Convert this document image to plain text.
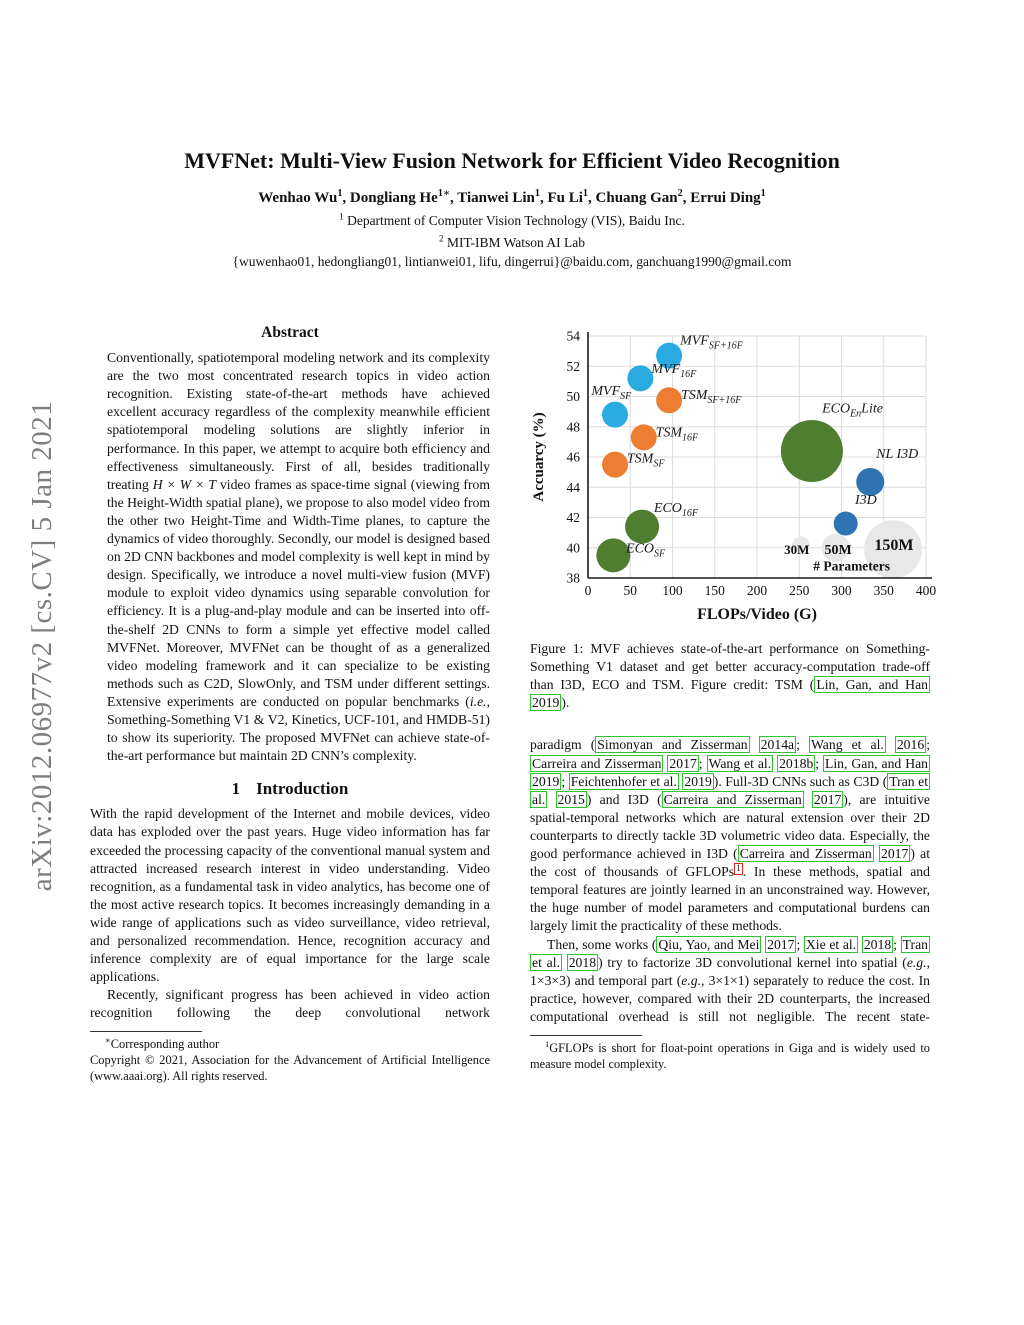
arXiv:2012.06977v2 [cs.CV] 5 Jan 2021
MVFNet: Multi-View Fusion Network for Efficient Video Recognition
Wenhao Wu$^1$, Dongliang $He^{1∗}$, Tianwei Lin$^1$, Fu Li$^1$, Chuang Gan$^2$, Errui Ding$^1$
$^1$ Department of Computer Vision Technology (VIS), Baidu Inc.
$^2$ MIT-IBM Watson AI Lab
{wuwenhao01, hedongliang01, lintianwei01, lifu, dingerrui}@baidu.com, ganchuang1990@gmail.com
Abstract

Conventionally, spatiotemporal modeling network and its complexity are the two most concentrated research topics in video action recognition. Existing state-of-the-art methods have achieved excellent accuracy regardless of the complexity meanwhile efficient spatiotemporal modeling solutions are slightly inferior in performance. In this paper, we attempt to acquire both efficiency and effectiveness simultaneously. First of all, besides traditionally treating H × W × T video frames as space-time signal (viewing from the Height-Width spatial plane), we propose to also model video from the other two Height-Time and Width-Time planes, to capture the dynamics of video thoroughly. Secondly, our model is designed based on 2D CNN backbones and model complexity is well kept in mind by design. Specifically, we introduce a novel multi-view fusion (MVF) module to exploit video dynamics using separable convolution for efficiency. It is a plug-and-play module and can be inserted into off-the-shelf 2D CNNs to form a simple yet effective model called MVFNet. Moreover, MVFNet can be thought of as a generalized video modeling framework and it can specialize to be existing methods such as C2D, SlowOnly, and TSM under different settings. Extensive experiments are conducted on popular benchmarks (i.e., Something-Something V1 & V2, Kinetics, UCF-101, and HMDB-51) to show its superiority. The proposed MVFNet can achieve state-of-the-art performance but maintain 2D CNN’s complexity.

1 Introduction

With the rapid development of the Internet and mobile devices, video data has exploded over the past years. Huge video information has far exceeded the processing capacity of the conventional manual system and attracted increased research interest in video understanding. Video recognition, as a fundamental task in video analytics, has become one of the most active research topics. It becomes increasingly demanding in a wide range of applications such as video surveillance, video retrieval, and personalized recommendation. Hence, recognition accuracy and inference complexity are of equal importance for the large scale applications.

Recently, significant progress has been achieved in video action recognition following the deep convolutional network

∗Corresponding author
Copyright © 2021, Association for the Advancement of Artificial Intelligence (www.aaai.org). All rights reserved.
38
40
42
44
46
48
50
52
54
0 50 100 150 200 250 300 350 400
FLOPs/Video (G)
Accuarcy (%)
$MVF_{SF+16F}$
$MVF_{16F}$
$MVF_{SF}$	$TSM_{SF+16F}$
$TSM_{16F}$
$TSM_{SF}$
$ECO_{En}Lite$
NL I3D
I3D
$ECO_{16F}$
$ECO_{SF}$	30M 50M 150M
# Parameters
Figure 1: MVF achieves state-of-the-art performance on Something-Something V1 dataset and get better accuracy-computation trade-off than I3D, ECO and TSM. Figure credit: TSM ( Lin, Gan, and Han 2019 ).

paradigm ( Simonyan and Zisserman 2014a ; Wang et al. 2016 ; Carreira and Zisserman 2017 ; Wang et al. 2018b ; Lin, Gan, and Han 2019 ; Feichtenhofer et al. 2019 ). Full-3D CNNs such as C3D ( Tran et al. 2015 ) and I3D ( Carreira and Zisserman 2017 ), are intuitive spatial-temporal networks which are natural extension over their 2D counterparts to directly tackle 3D volumetric video data. Especially, the good performance achieved in I3D ( Carreira and Zisserman 2017 ) at the cost of thousands of GFLOPs $^1$ . In these methods, spatial and temporal features are jointly learned in an unconstrained way. However, the huge number of model parameters and computational burdens can largely limit the practicality of these methods.

Then, some works ( Qiu, Yao, and Mei 2017 ; Xie et al. 2018 ; Tran et al. 2018 ) try to factorize 3D convolutional kernel into spatial (e.g., 1×3×3) and temporal part (e.g., 3×1×1) separately to reduce the cost. In practice, however, compared with their 2D counterparts, the increased computational overhead is still not negligible. The recent state-

$^1$GFLOPs is short for float-point operations in Giga and is widely used to measure model complexity.
